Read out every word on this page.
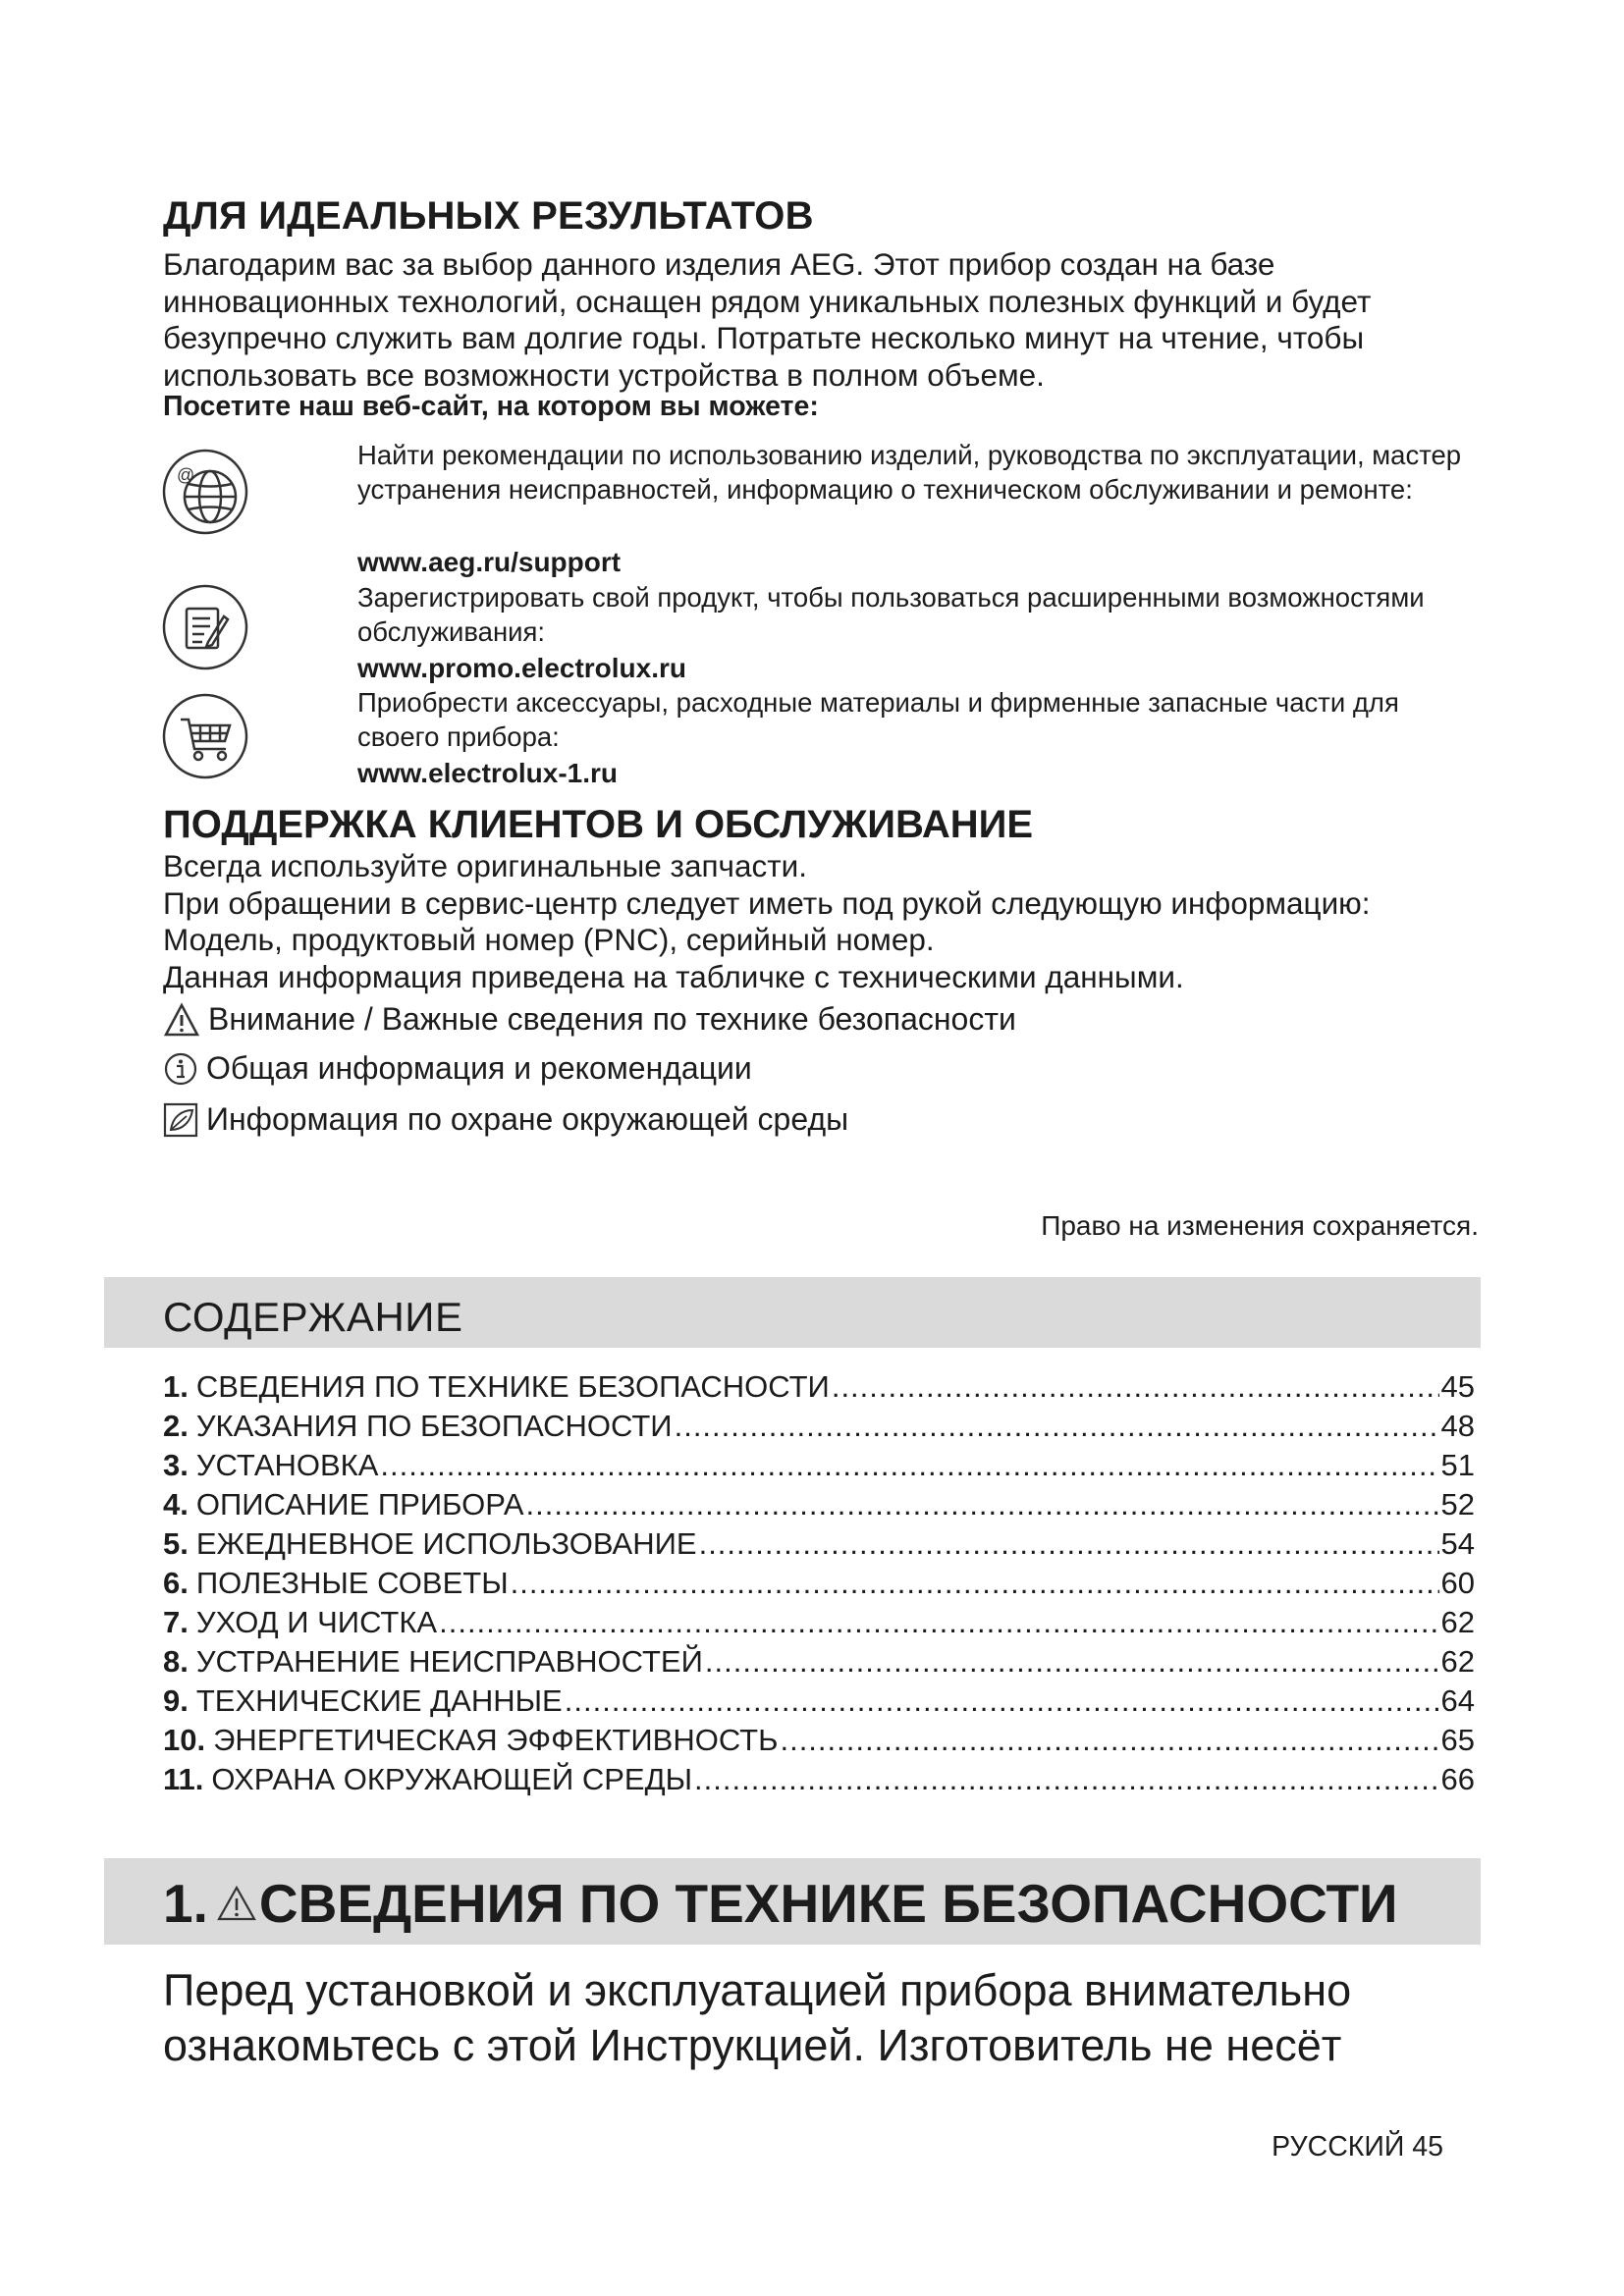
ДЛЯ ИДЕАЛЬНЫХ РЕЗУЛЬТАТОВ
Благодарим вас за выбор данного изделия AEG. Этот прибор создан на базе инновационных технологий, оснащен рядом уникальных полезных функций и будет безупречно служить вам долгие годы. Потратьте несколько минут на чтение, чтобы использовать все возможности устройства в полном объеме.
Посетите наш веб-сайт, на котором вы можете:
@
Найти рекомендации по использованию изделий, руководства по эксплуатации, мастер устранения неисправностей, информацию о техническом обслуживании и ремонте:
www.aeg.ru/support
Зарегистрировать свой продукт, чтобы пользоваться расширенными возможностями обслуживания:
www.promo.electrolux.ru
Приобрести аксессуары, расходные материалы и фирменные запасные части для своего прибора:
www.electrolux-1.ru
ПОДДЕРЖКА КЛИЕНТОВ И ОБСЛУЖИВАНИЕ
Всегда используйте оригинальные запчасти.
При обращении в сервис-центр следует иметь под рукой следующую информацию:
Модель, продуктовый номер (PNC), серийный номер.
Данная информация приведена на табличке с техническими данными.
Внимание / Важные сведения по технике безопасности
Общая информация и рекомендации
Информация по охране окружающей среды
Право на изменения сохраняется.
СОДЕРЖАНИЕ
1. СВЕДЕНИЯ ПО ТЕХНИКЕ БЕЗОПАСНОСТИ .....	45
2. УКАЗАНИЯ ПО БЕЗОПАСНОСТИ .....	48
3. УСТАНОВКА .....	51
4. ОПИСАНИЕ ПРИБОРА .....	52
5. ЕЖЕДНЕВНОЕ ИСПОЛЬЗОВАНИЕ .....	54
6. ПОЛЕЗНЫЕ СОВЕТЫ .....	60
7. УХОД И ЧИСТКА .....	62
8. УСТРАНЕНИЕ НЕИСПРАВНОСТЕЙ .....	62
9. ТЕХНИЧЕСКИЕ ДАННЫЕ .....	64
10. ЭНЕРГЕТИЧЕСКАЯ ЭФФЕКТИВНОСТЬ .....	65
11. ОХРАНА ОКРУЖАЮЩЕЙ СРЕДЫ .....	66
1. СВЕДЕНИЯ ПО ТЕХНИКЕ БЕЗОПАСНОСТИ
Перед установкой и эксплуатацией прибора внимательно
ознакомьтесь с этой Инструкцией. Изготовитель не несёт
РУССКИЙ 45
